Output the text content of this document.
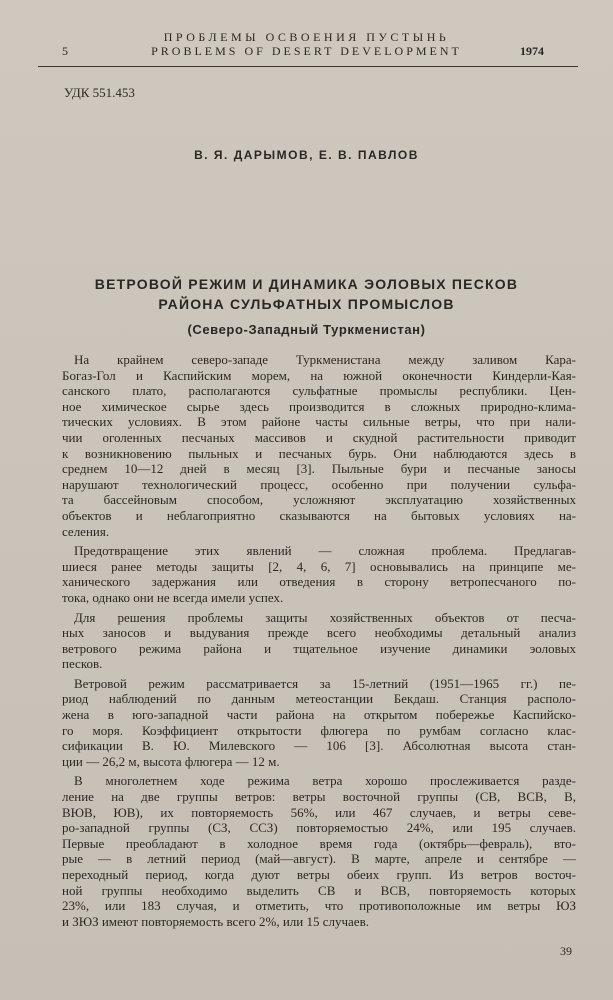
5
ПРОБЛЕМЫ ОСВОЕНИЯ ПУСТЫНЬ
PROBLEMS OF DESERT DEVELOPMENT	1974
УДК 551.453
В. Я. ДАРЫМОВ, Е. В. ПАВЛОВ
ВЕТРОВОЙ РЕЖИМ И ДИНАМИКА ЭОЛОВЫХ ПЕСКОВ
РАЙОНА СУЛЬФАТНЫХ ПРОМЫСЛОВ
(Северо-Западный Туркменистан)

На крайнем северо-западе Туркменистана между заливом Кара-
Богаз-Гол и Каспийским морем, на южной оконечности Киндерли-Кая-
санского плато, располагаются сульфатные промыслы республики. Цен-
ное химическое сырье здесь производится в сложных природно-клима-
тических условиях. В этом районе часты сильные ветры, что при нали-
чии оголенных песчаных массивов и скудной растительности приводит
к возникновению пыльных и песчаных бурь. Они наблюдаются здесь в
среднем 10—12 дней в месяц [3]. Пыльные бури и песчаные заносы
нарушают технологический процесс, особенно при получении сульфа-
та бассейновым способом, усложняют эксплуатацию хозяйственных
объектов и неблагоприятно сказываются на бытовых условиях на-
селения.

Предотвращение этих явлений — сложная проблема. Предлагав-
шиеся ранее методы защиты [2, 4, 6, 7] основывались на принципе ме-
ханического задержания или отведения в сторону ветропесчаного по-
тока, однако они не всегда имели успех.

Для решения проблемы защиты хозяйственных объектов от песча-
ных заносов и выдувания прежде всего необходимы детальный анализ
ветрового режима района и тщательное изучение динамики эоловых
песков.

Ветровой режим рассматривается за 15-летний (1951—1965 гг.) пе-
риод наблюдений по данным метеостанции Бекдаш. Станция располо-
жена в юго-западной части района на открытом побережье Каспийско-
го моря. Коэффициент открытости флюгера по румбам согласно клас-
сификации В. Ю. Милевского — 106 [3]. Абсолютная высота стан-
ции — 26,2 м, высота флюгера — 12 м.

В многолетнем ходе режима ветра хорошо прослеживается разде-
ление на две группы ветров: ветры восточной группы (СВ, ВСВ, В,
ВЮВ, ЮВ), их повторяемость 56%, или 467 случаев, и ветры севе-
ро-западной группы (СЗ, ССЗ) повторяемостью 24%, или 195 случаев.
Первые преобладают в холодное время года (октябрь—февраль), вто-
рые — в летний период (май—август). В марте, апреле и сентябре —
переходный период, когда дуют ветры обеих групп. Из ветров восточ-
ной группы необходимо выделить СВ и ВСВ, повторяемость которых
23%, или 183 случая, и отметить, что противоположные им ветры ЮЗ
и ЗЮЗ имеют повторяемость всего 2%, или 15 случаев.

39
